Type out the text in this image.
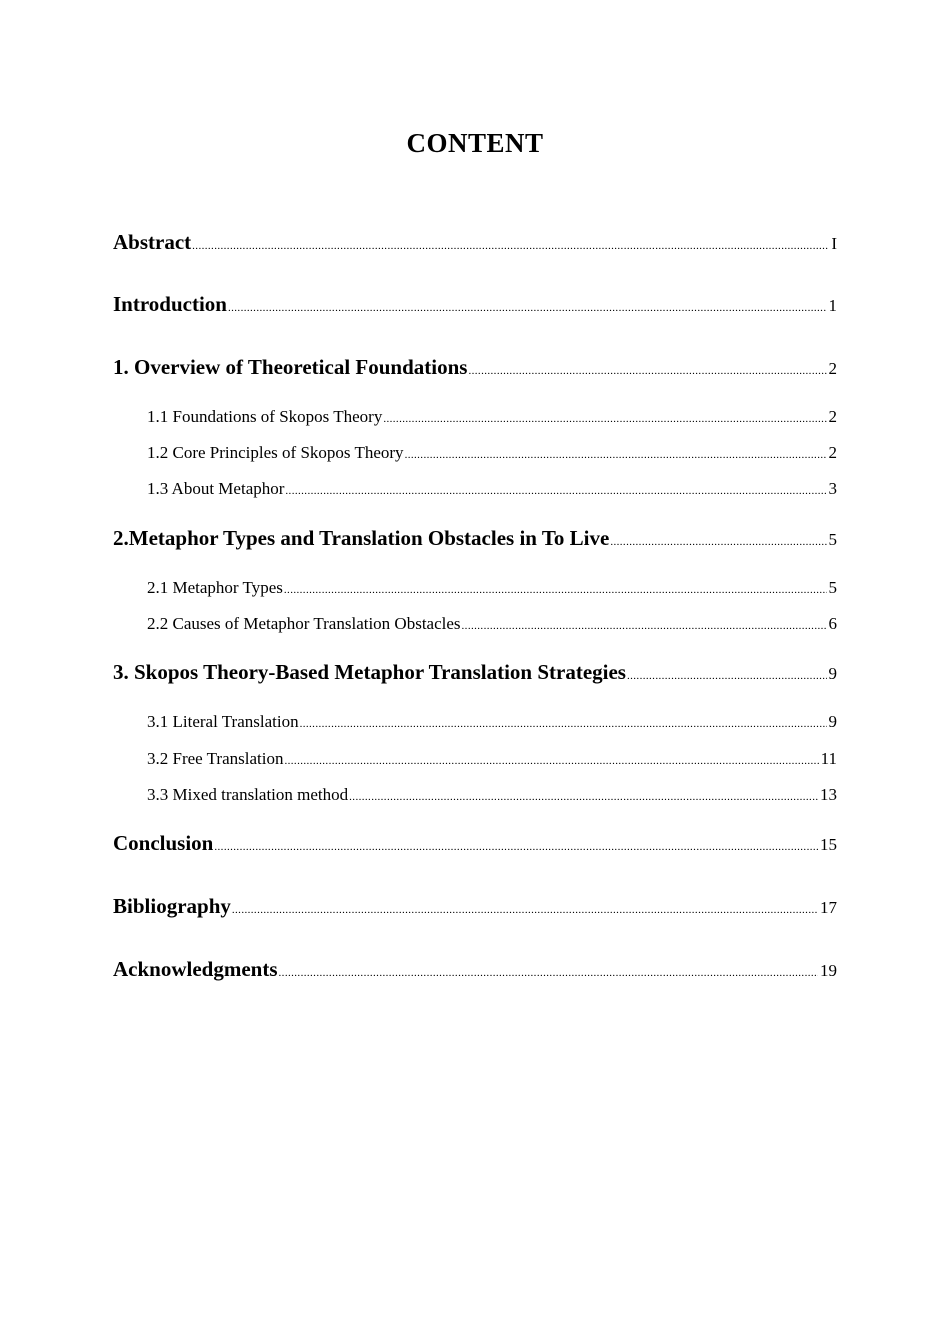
CONTENT
Abstract .....	I
Introduction .....	1
1. Overview of Theoretical Foundations .....	2
1.1 Foundations of Skopos Theory .....	2
1.2 Core Principles of Skopos Theory .....	2
1.3 About Metaphor .....	3
2.Metaphor Types and Translation Obstacles in To Live .....	5
2.1 Metaphor Types .....	5
2.2 Causes of Metaphor Translation Obstacles .....	6
3. Skopos Theory-Based Metaphor Translation Strategies .....	9
3.1 Literal Translation .....	9
3.2 Free Translation .....	11
3.3 Mixed translation method .....	13
Conclusion .....	15
Bibliography .....	17
Acknowledgments .....	19
